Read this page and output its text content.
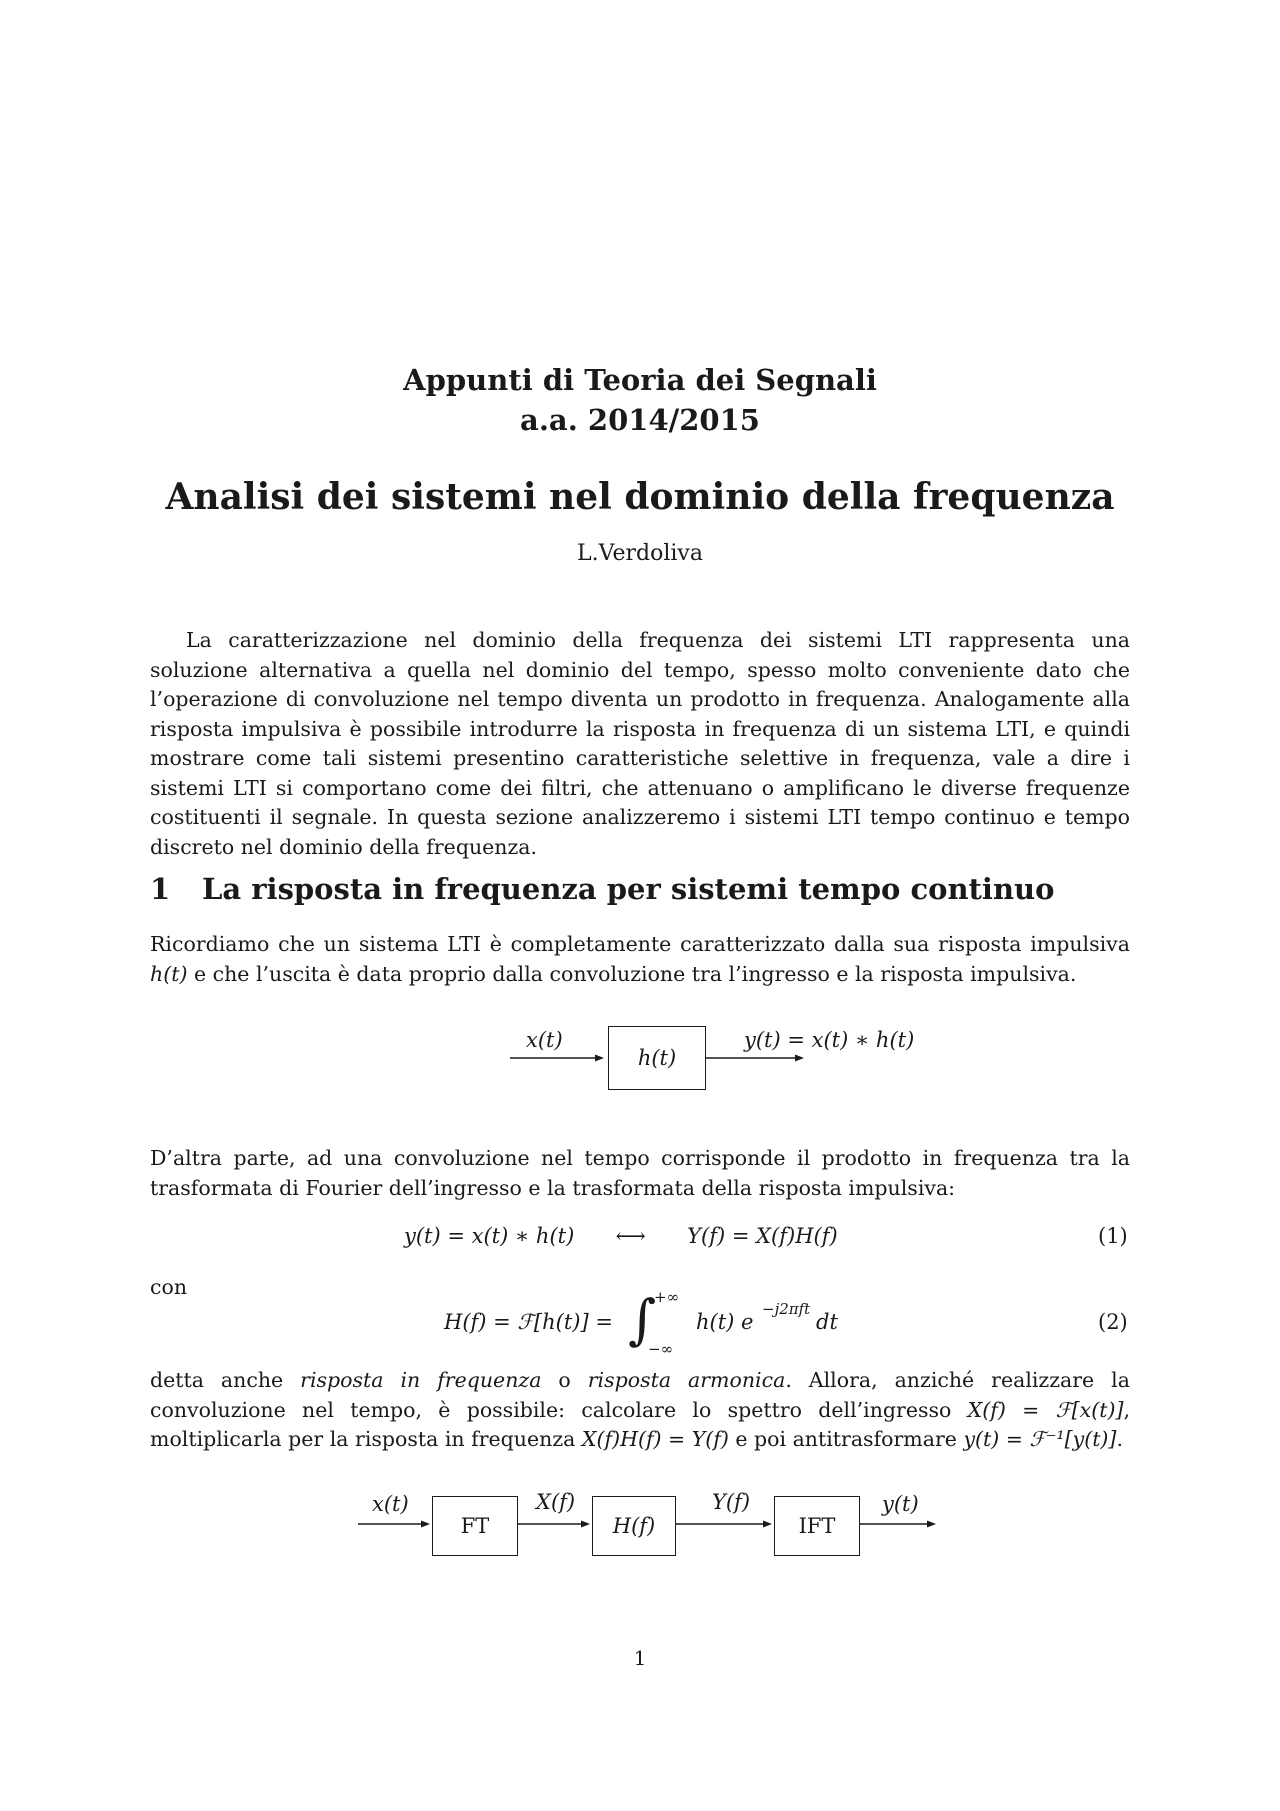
Appunti di Teoria dei Segnali
a.a. 2014/2015
Analisi dei sistemi nel dominio della frequenza
L.Verdoliva
La caratterizzazione nel dominio della frequenza dei sistemi LTI rappresenta una soluzione alternativa a quella nel dominio del tempo, spesso molto conveniente dato che l’operazione di convoluzione nel tempo diventa un prodotto in frequenza. Analogamente alla risposta impulsiva è possibile introdurre la risposta in frequenza di un sistema LTI, e quindi mostrare come tali sistemi presentino caratteristiche selettive in frequenza, vale a dire i sistemi LTI si comportano come dei filtri, che attenuano o amplificano le diverse frequenze costituenti il segnale. In questa sezione analizzeremo i sistemi LTI tempo continuo e tempo discreto nel dominio della frequenza.
1 La risposta in frequenza per sistemi tempo continuo
Ricordiamo che un sistema LTI è completamente caratterizzato dalla sua risposta impulsiva h(t) e che l’uscita è data proprio dalla convoluzione tra l’ingresso e la risposta impulsiva.
x(t)
h(t)
y(t) = x(t) ∗ h(t)
D’altra parte, ad una convoluzione nel tempo corrisponde il prodotto in frequenza tra la trasformata di Fourier dell’ingresso e la trasformata della risposta impulsiva:
y(t) = x(t) ∗ h(t) ⟷ Y(f) = X(f)H(f)	(1)
con
H(f) = ℱ[h(t)] = ∫
+∞
−∞
h(t) e
−j2πft
dt	(2)
detta anche risposta in frequenza o risposta armonica. Allora, anziché realizzare la convoluzione nel tempo, è possibile: calcolare lo spettro dell’ingresso X(f) = ℱ[x(t)], moltiplicarla per la risposta in frequenza X(f)H(f) = Y(f) e poi antitrasformare y(t) = ℱ⁻¹[y(t)].
x(t)
FT
X(f)
H(f)
Y(f)
IFT
y(t)
1
